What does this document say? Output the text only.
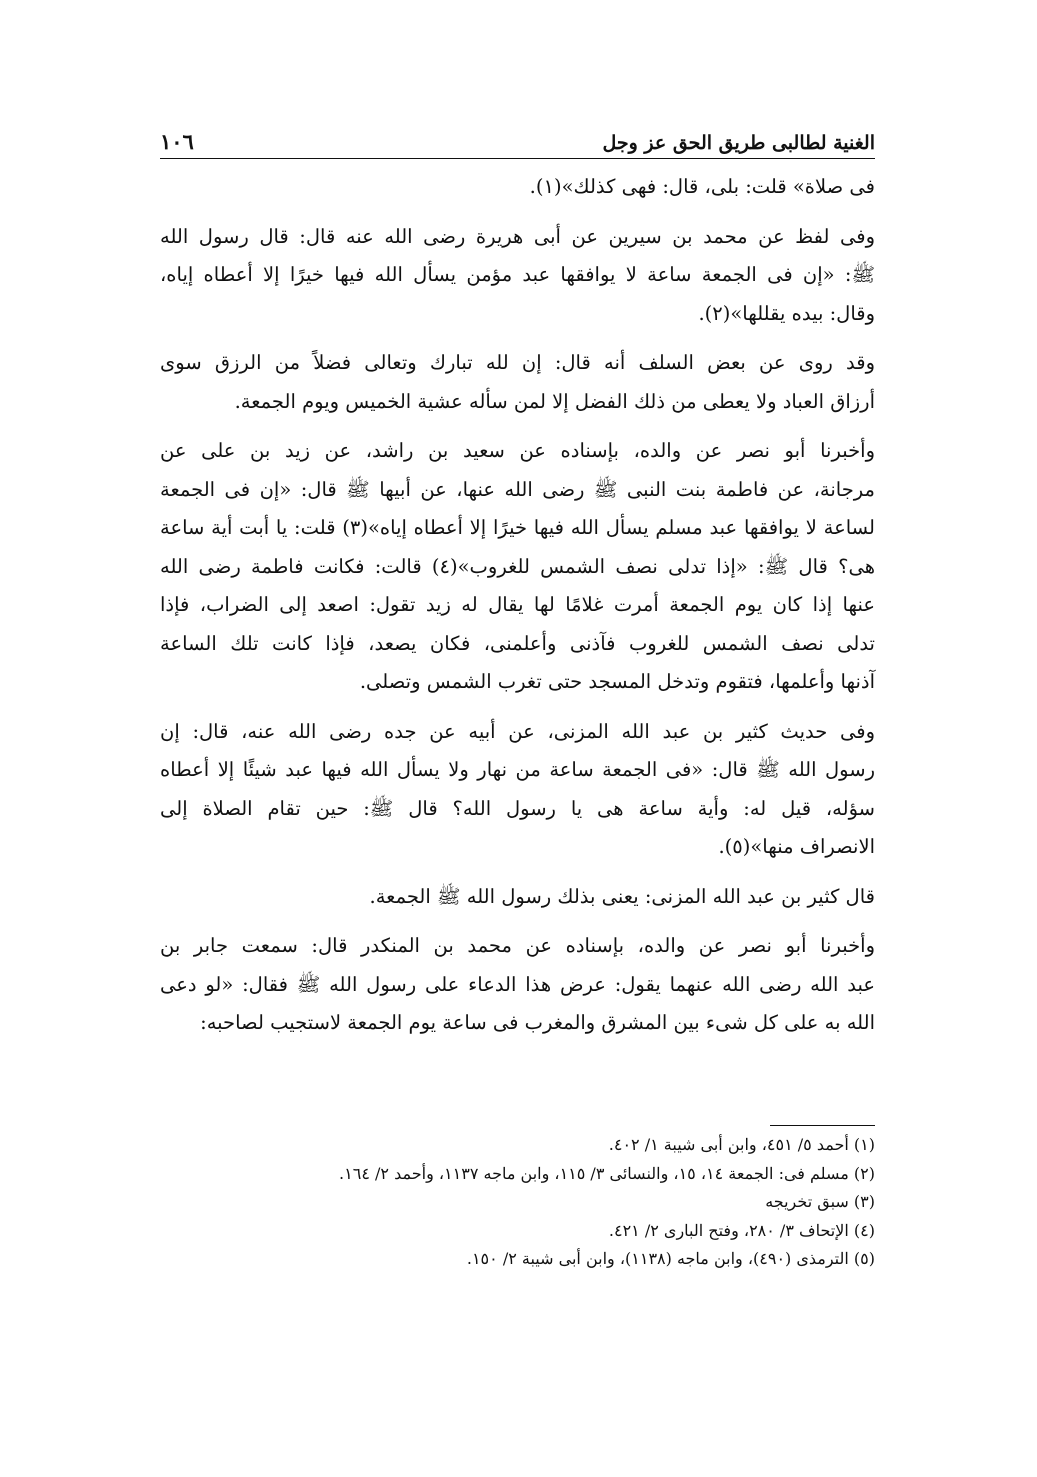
الغنية لطالبى طريق الحق عز وجل
١٠٦
فى صلاة» قلت: بلى، قال: فهى كذلك»(١).
وفى لفظ عن محمد بن سيرين عن أبى هريرة رضى الله عنه قال: قال رسول الله
ﷺ: «إن فى الجمعة ساعة لا يوافقها عبد مؤمن يسأل الله فيها خيرًا إلا أعطاه إياه،
وقال: بيده يقللها»(٢).
وقد روى عن بعض السلف أنه قال: إن لله تبارك وتعالى فضلاً من الرزق سوى
أرزاق العباد ولا يعطى من ذلك الفضل إلا لمن سأله عشية الخميس ويوم الجمعة.
وأخبرنا أبو نصر عن والده، بإسناده عن سعيد بن راشد، عن زيد بن على عن
مرجانة، عن فاطمة بنت النبى ﷺ رضى الله عنها، عن أبيها ﷺ قال: «إن فى الجمعة
لساعة لا يوافقها عبد مسلم يسأل الله فيها خيرًا إلا أعطاه إياه»(٣) قلت: يا أبت أية ساعة
هى؟ قال ﷺ: «إذا تدلى نصف الشمس للغروب»(٤) قالت: فكانت فاطمة رضى الله
عنها إذا كان يوم الجمعة أمرت غلامًا لها يقال له زيد تقول: اصعد إلى الضراب، فإذا
تدلى نصف الشمس للغروب فآذنى وأعلمنى، فكان يصعد، فإذا كانت تلك الساعة
آذنها وأعلمها، فتقوم وتدخل المسجد حتى تغرب الشمس وتصلى.
وفى حديث كثير بن عبد الله المزنى، عن أبيه عن جده رضى الله عنه، قال: إن
رسول الله ﷺ قال: «فى الجمعة ساعة من نهار ولا يسأل الله فيها عبد شيئًا إلا أعطاه
سؤله، قيل له: وأية ساعة هى يا رسول الله؟ قال ﷺ: حين تقام الصلاة إلى
الانصراف منها»(٥).
قال كثير بن عبد الله المزنى: يعنى بذلك رسول الله ﷺ الجمعة.
وأخبرنا أبو نصر عن والده، بإسناده عن محمد بن المنكدر قال: سمعت جابر بن
عبد الله رضى الله عنهما يقول: عرض هذا الدعاء على رسول الله ﷺ فقال: «لو دعى
الله به على كل شىء بين المشرق والمغرب فى ساعة يوم الجمعة لاستجيب لصاحبه:
(١) أحمد ٥/ ٤٥١، وابن أبى شيبة ١/ ٤٠٢.
(٢) مسلم فى: الجمعة ١٤، ١٥، والنسائى ٣/ ١١٥، وابن ماجه ١١٣٧، وأحمد ٢/ ١٦٤.
(٣) سبق تخريجه
(٤) الإتحاف ٣/ ٢٨٠، وفتح البارى ٢/ ٤٢١.
(٥) الترمذى (٤٩٠)، وابن ماجه (١١٣٨)، وابن أبى شيبة ٢/ ١٥٠.
